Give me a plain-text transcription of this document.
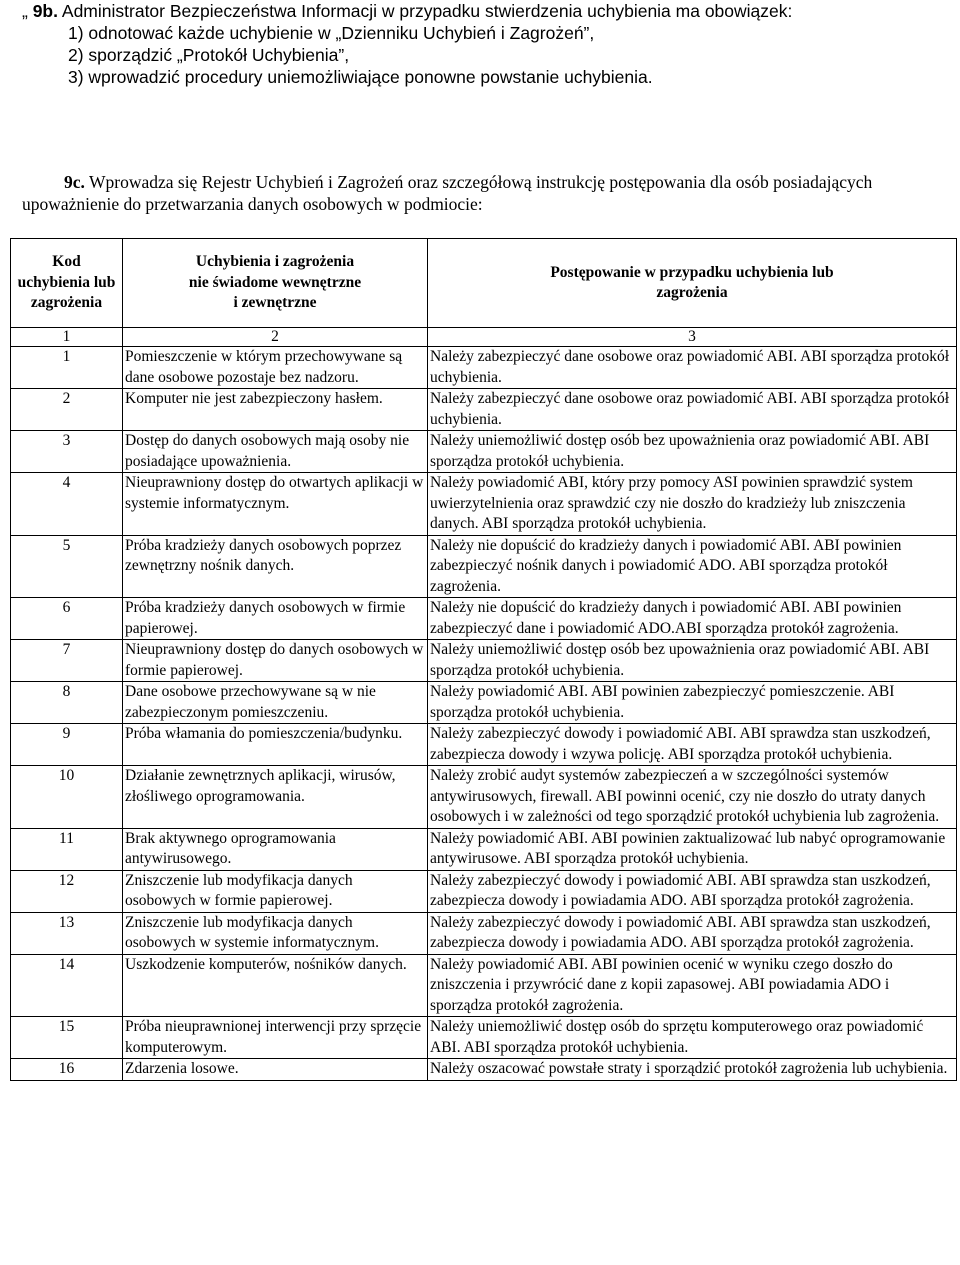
„ 9b. Administrator Bezpieczeństwa Informacji w przypadku stwierdzenia uchybienia ma obowiązek:
1) odnotować każde uchybienie w „Dzienniku Uchybień i Zagrożeń”,
2) sporządzić „Protokół Uchybienia”,
3) wprowadzić procedury uniemożliwiające ponowne powstanie uchybienia.
9c. Wprowadza się Rejestr Uchybień i Zagrożeń oraz szczegółową instrukcję postępowania dla osób posiadających upoważnienie do przetwarzania danych osobowych w podmiocie:
Kod uchybienia lub zagrożenia	Uchybienia i zagrożenia nie świadome wewnętrzne i zewnętrzne	Postępowanie w przypadku uchybienia lub zagrożenia
1	2	3
1	Pomieszczenie w którym przechowywane są dane osobowe pozostaje bez nadzoru.	Należy zabezpieczyć dane osobowe oraz powiadomić ABI. ABI sporządza protokół uchybienia.
2	Komputer nie jest zabezpieczony hasłem.	Należy zabezpieczyć dane osobowe oraz powiadomić ABI. ABI sporządza protokół uchybienia.
3	Dostęp do danych osobowych mają osoby nie posiadające upoważnienia.	Należy uniemożliwić dostęp osób bez upoważnienia oraz powiadomić ABI. ABI sporządza protokół uchybienia.
4	Nieuprawniony dostęp do otwartych aplikacji w systemie informatycznym.	Należy powiadomić ABI, który przy pomocy ASI powinien sprawdzić system uwierzytelnienia oraz sprawdzić czy nie doszło do kradzieży lub zniszczenia danych. ABI sporządza protokół uchybienia.
5	Próba kradzieży danych osobowych poprzez zewnętrzny nośnik danych.	Należy nie dopuścić do kradzieży danych i powiadomić ABI. ABI powinien zabezpieczyć nośnik danych i powiadomić ADO. ABI sporządza protokół zagrożenia.
6	Próba kradzieży danych osobowych w firmie papierowej.	Należy nie dopuścić do kradzieży danych i powiadomić ABI. ABI powinien zabezpieczyć dane i powiadomić ADO.ABI sporządza protokół zagrożenia.
7	Nieuprawniony dostęp do danych osobowych w formie papierowej.	Należy uniemożliwić dostęp osób bez upoważnienia oraz powiadomić ABI. ABI sporządza protokół uchybienia.
8	Dane osobowe przechowywane są w nie zabezpieczonym pomieszczeniu.	Należy powiadomić ABI. ABI powinien zabezpieczyć pomieszczenie. ABI sporządza protokół uchybienia.
9	Próba włamania do pomieszczenia/budynku.	Należy zabezpieczyć dowody i powiadomić ABI. ABI sprawdza stan uszkodzeń, zabezpiecza dowody i wzywa policję. ABI sporządza protokół uchybienia.
10	Działanie zewnętrznych aplikacji, wirusów, złośliwego oprogramowania.	Należy zrobić audyt systemów zabezpieczeń a w szczególności systemów antywirusowych, firewall. ABI powinni ocenić, czy nie doszło do utraty danych osobowych i w zależności od tego sporządzić protokół uchybienia lub zagrożenia.
11	Brak aktywnego oprogramowania antywirusowego.	Należy powiadomić ABI. ABI powinien zaktualizować lub nabyć oprogramowanie antywirusowe. ABI sporządza protokół uchybienia.
12	Zniszczenie lub modyfikacja danych osobowych w formie papierowej.	Należy zabezpieczyć dowody i powiadomić ABI. ABI sprawdza stan uszkodzeń, zabezpiecza dowody i powiadamia ADO. ABI sporządza protokół zagrożenia.
13	Zniszczenie lub modyfikacja danych osobowych w systemie informatycznym.	Należy zabezpieczyć dowody i powiadomić ABI. ABI sprawdza stan uszkodzeń, zabezpiecza dowody i powiadamia ADO. ABI sporządza protokół zagrożenia.
14	Uszkodzenie komputerów, nośników danych.	Należy powiadomić ABI. ABI powinien ocenić w wyniku czego doszło do zniszczenia i przywrócić dane z kopii zapasowej. ABI powiadamia ADO i sporządza protokół zagrożenia.
15	Próba nieuprawnionej interwencji przy sprzęcie komputerowym.	Należy uniemożliwić dostęp osób do sprzętu komputerowego oraz powiadomić ABI. ABI sporządza protokół uchybienia.
16	Zdarzenia losowe.	Należy oszacować powstałe straty i sporządzić protokół zagrożenia lub uchybienia.
